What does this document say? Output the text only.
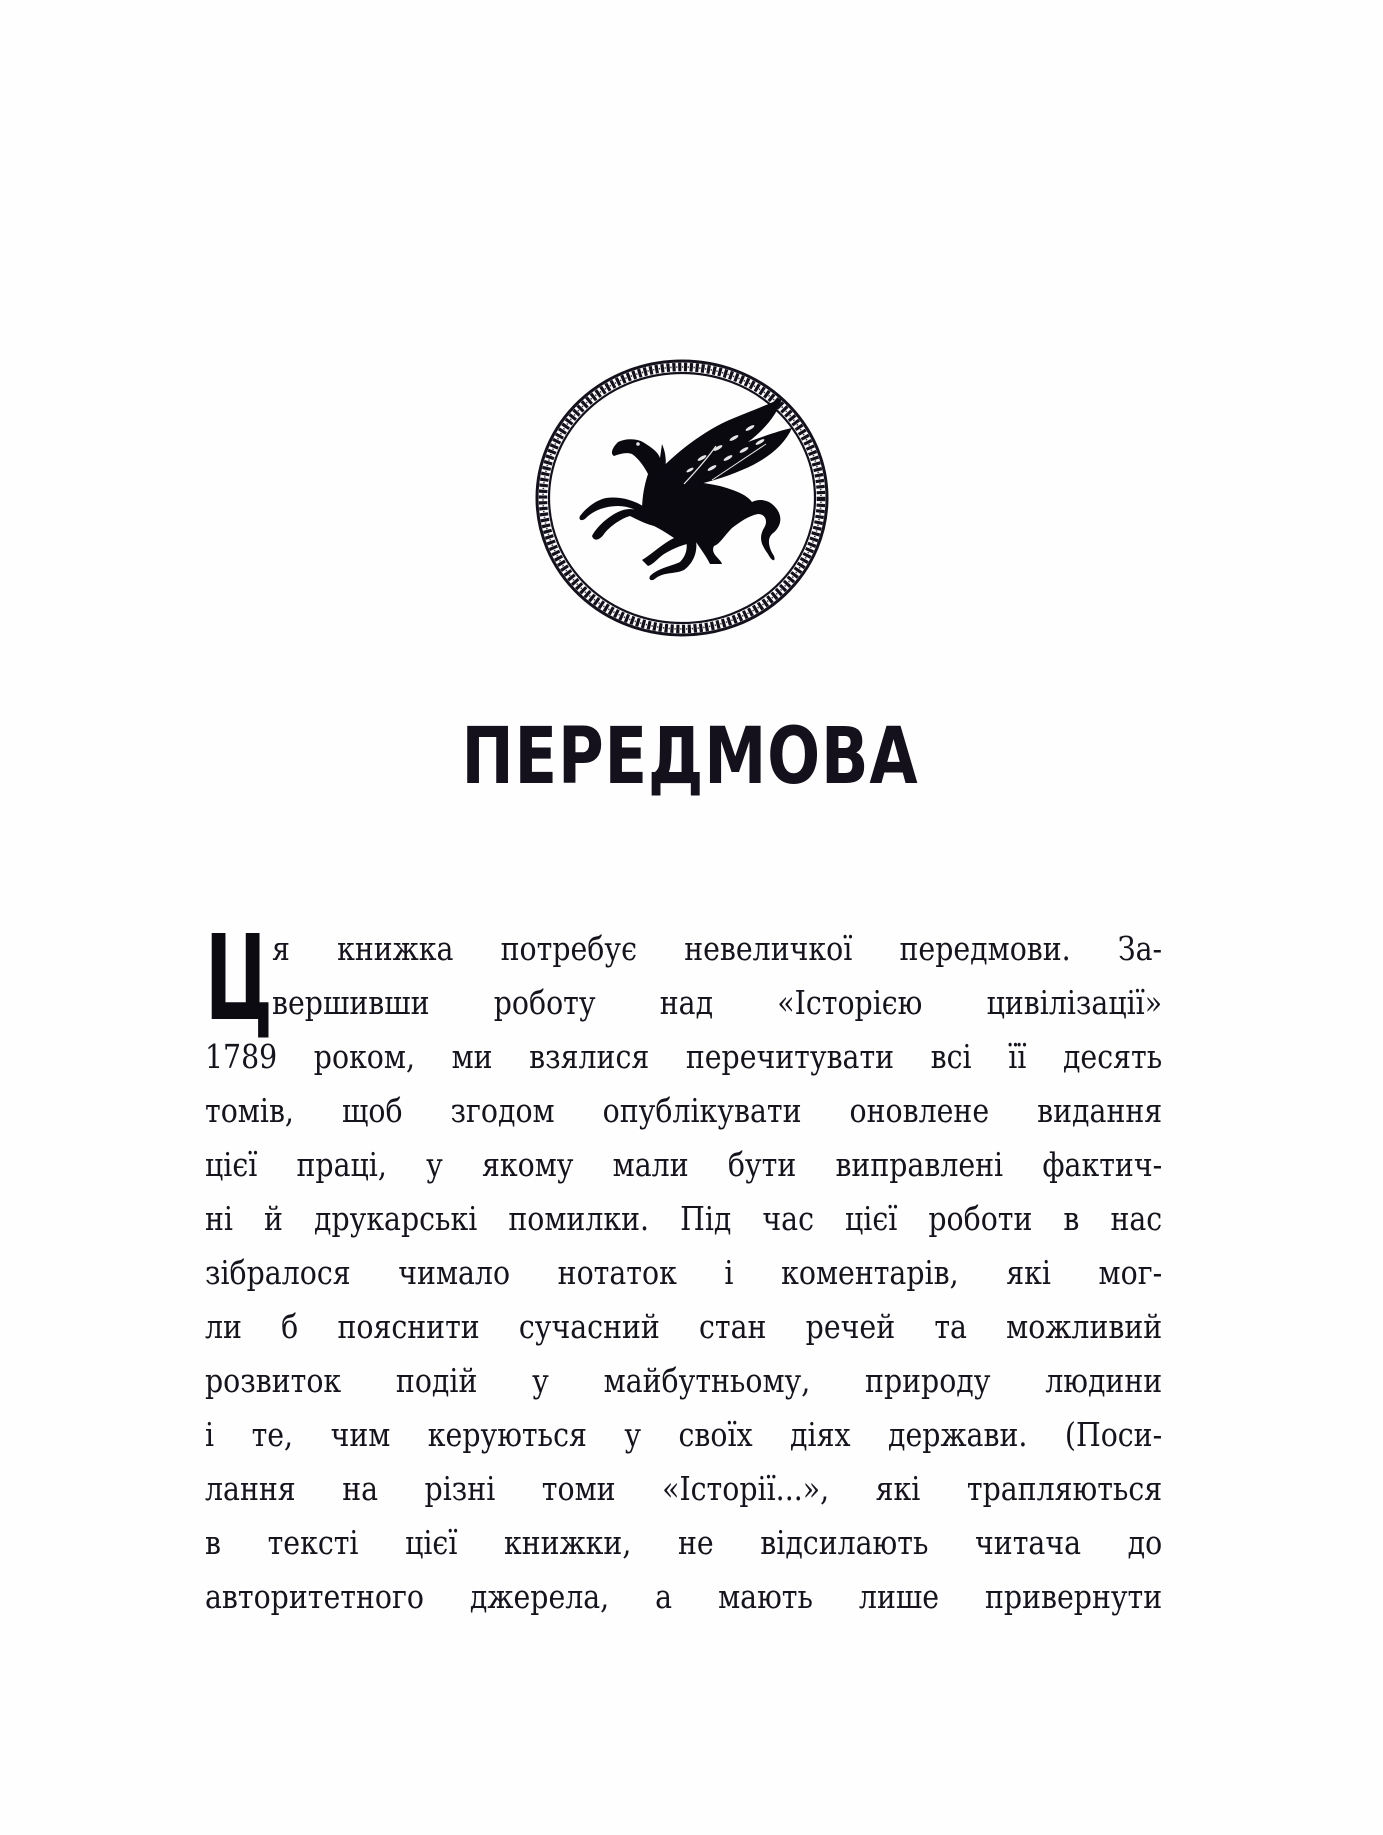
ПЕРЕДМОВА
Ц я книжка потребує невеличкої передмови. За-
вершивши роботу над «Історією цивілізації»
1789 роком, ми взялися перечитувати всі її десять
томів, щоб згодом опублікувати оновлене видання
цієї праці, у якому мали бути виправлені фактич-
ні й друкарські помилки. Під час цієї роботи в нас
зібралося чимало нотаток і коментарів, які мог-
ли б пояснити сучасний стан речей та можливий
розвиток подій у майбутньому, природу людини
і те, чим керуються у своїх діях держави. (Поси-
лання на різні томи «Історії...», які трапляються
в тексті цієї книжки, не відсилають читача до
авторитетного джерела, а мають лише привернути
